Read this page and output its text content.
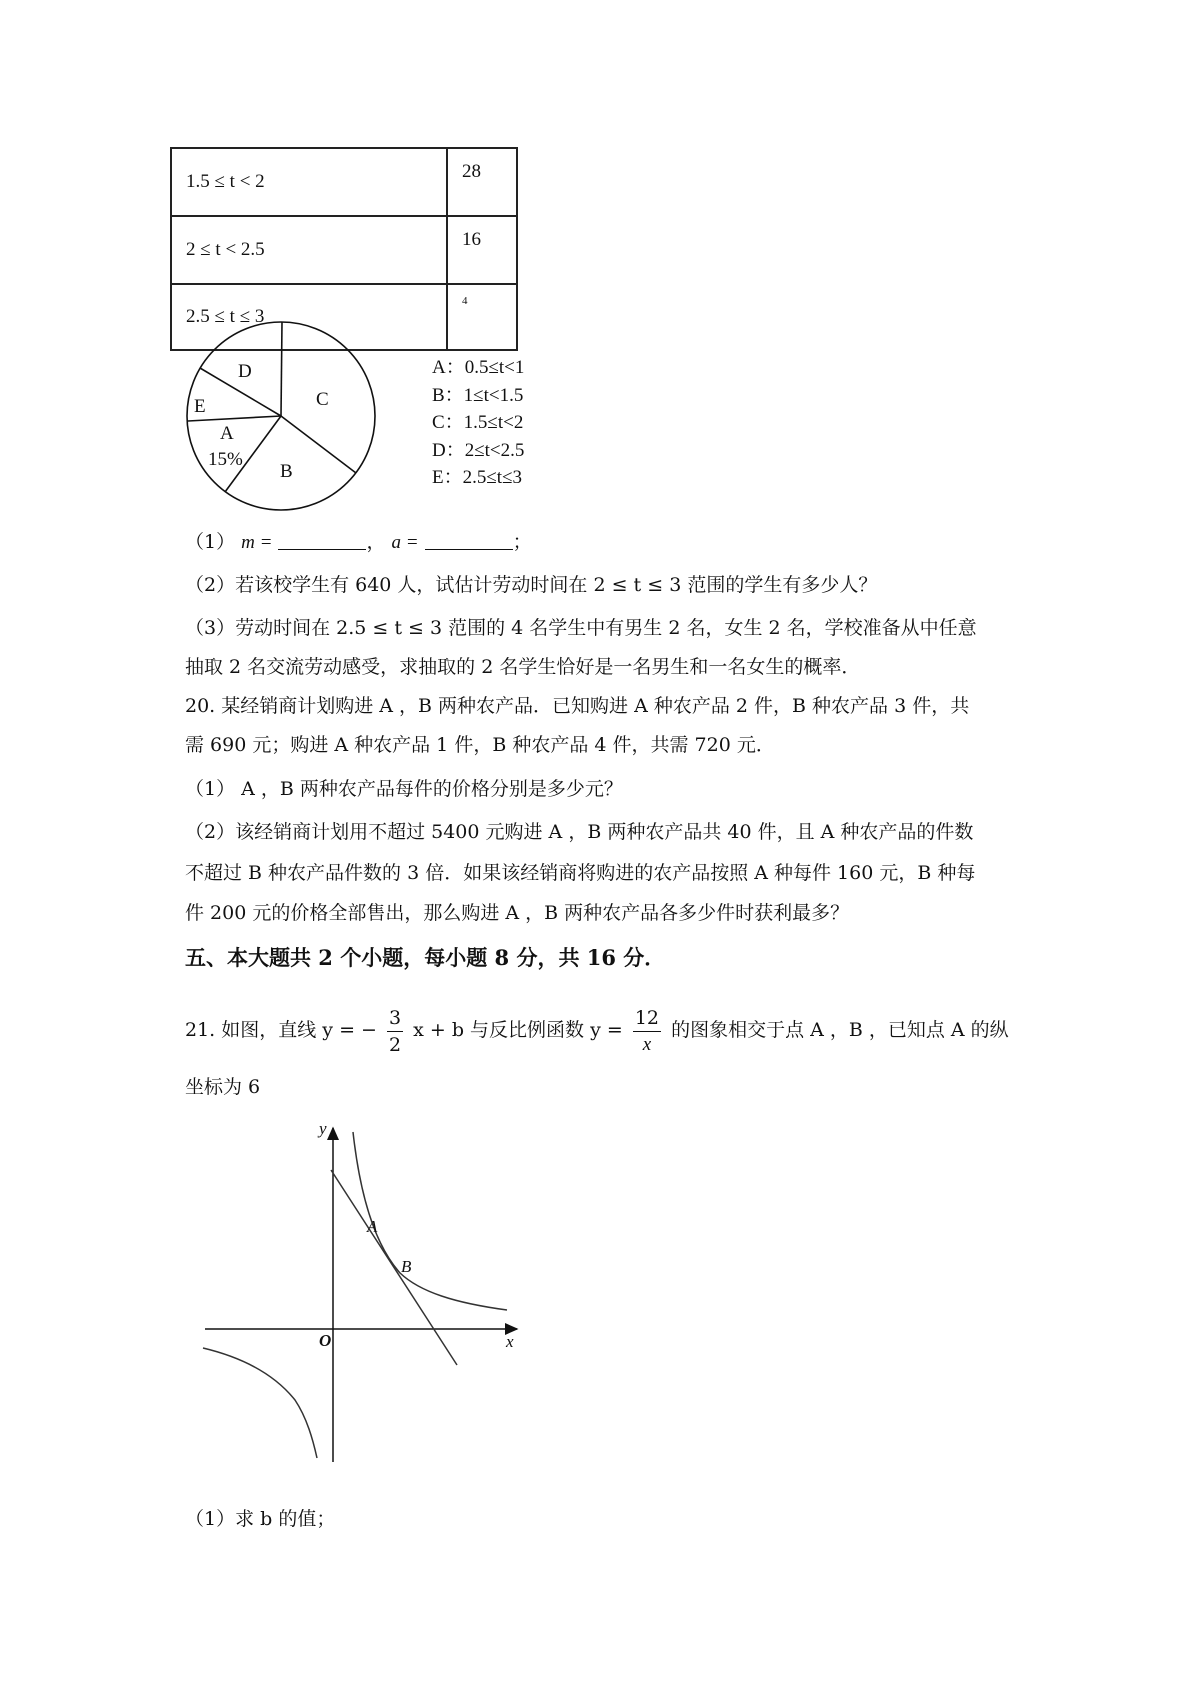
1.5 ≤ t < 2	28
2 ≤ t < 2.5	16
2.5 ≤ t ≤ 3	4
D
C
E
A
15%
B
A：0.5≤t<1
B：1≤t<1.5
C：1.5≤t<2
D：2≤t<2.5
E：2.5≤t≤3
（1） m =	， a =	；
（2）若该校学生有 640 人，试估计劳动时间在 2 ≤ t ≤ 3 范围的学生有多少人？
（3）劳动时间在 2.5 ≤ t ≤ 3 范围的 4 名学生中有男生 2 名，女生 2 名，学校准备从中任意
抽取 2 名交流劳动感受，求抽取的 2 名学生恰好是一名男生和一名女生的概率．
20. 某经销商计划购进 A ，B 两种农产品．已知购进 A 种农产品 2 件，B 种农产品 3 件，共
需 690 元；购进 A 种农产品 1 件，B 种农产品 4 件，共需 720 元．
（1） A ，B 两种农产品每件的价格分别是多少元？
（2）该经销商计划用不超过 5400 元购进 A ，B 两种农产品共 40 件，且 A 种农产品的件数
不超过 B 种农产品件数的 3 倍．如果该经销商将购进的农产品按照 A 种每件 160 元，B 种每
件 200 元的价格全部售出，那么购进 A ，B 两种农产品各多少件时获利最多？
五、本大题共 2 个小题，每小题 8 分，共 16 分．
21. 如图，直线 y = − $\frac{3}{2}$ x + b 与反比例函数 $y = \frac{12}{x}$ 的图象相交于点 A ，B ，已知点 A 的纵
坐标为 6
y
x
O
A
B
（1）求 b 的值；
